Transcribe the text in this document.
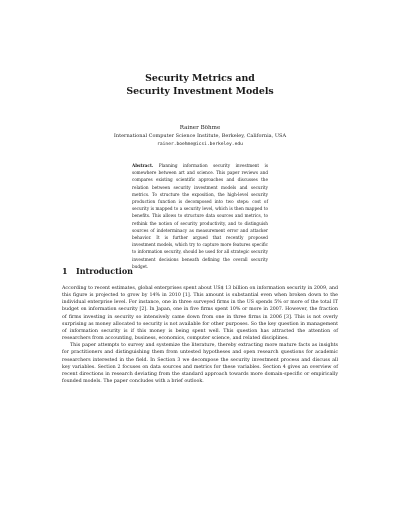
Security Metrics and
Security Investment Models
Rainer Böhme
International Computer Science Institute, Berkeley, California, USA
rainer.boehme@icsi.berkeley.edu
Abstract. Planning information security investment is somewhere between art and science. This paper reviews and compares existing scientific approaches and discusses the relation between security investment models and security metrics. To structure the exposition, the high-level security production function is decomposed into two steps: cost of security is mapped to a security level, which is then mapped to benefits. This allows to structure data sources and metrics, to rethink the notion of security productivity, and to distinguish sources of indeterminacy as measurement error and attacker behavior. It is further argued that recently proposed investment models, which try to capture more features specific to information security, should be used for all strategic security investment decisions beneath defining the overall security budget.
1 Introduction

According to recent estimates, global enterprises spent about US$ 13 billion on information security in 2009, and this figure is projected to grow by 14% in 2010 [1]. This amount is substantial even when broken down to the individual enterprise level. For instance, one in three surveyed firms in the US spends 5% or more of the total IT budget on information security [2]. In Japan, one in five firms spent 10% or more in 2007. However, the fraction of firms investing in security so intensively came down from one in three firms in 2006 [3]. This is not overly surprising as money allocated to security is not available for other purposes. So the key question in management of information security is if this money is being spent well. This question has attracted the attention of researchers from accounting, business, economics, computer science, and related disciplines.

This paper attempts to survey and systemize the literature, thereby extracting more mature facts as insights for practitioners and distinguishing them from untested hypotheses and open research questions for academic researchers interested in the field. In Section 3 we decompose the security investment process and discuss all key variables. Section 2 focuses on data sources and metrics for these variables. Section 4 gives an overview of recent directions in research deviating from the standard approach towards more domain-specific or empirically founded models. The paper concludes with a brief outlook.
